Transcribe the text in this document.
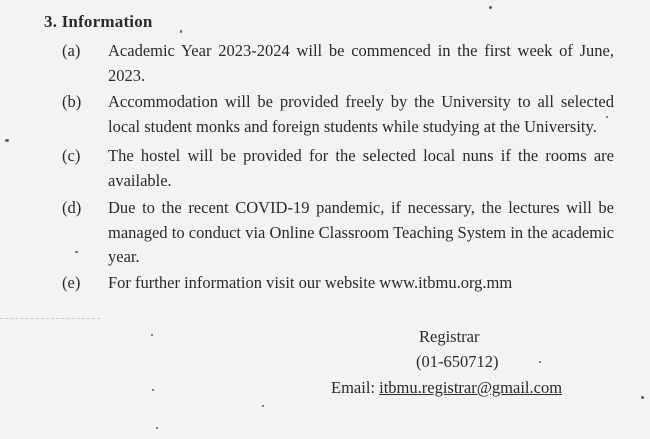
3. Information
(a) Academic Year 2023-2024 will be commenced in the first week of June, 2023.
(b) Accommodation will be provided freely by the University to all selected local student monks and foreign students while studying at the University.
(c) The hostel will be provided for the selected local nuns if the rooms are available.
(d) Due to the recent COVID-19 pandemic, if necessary, the lectures will be managed to conduct via Online Classroom Teaching System in the academic year.
(e) For further information visit our website www.itbmu.org.mm
Registrar
(01-650712)
Email: itbmu.registrar@gmail.com
